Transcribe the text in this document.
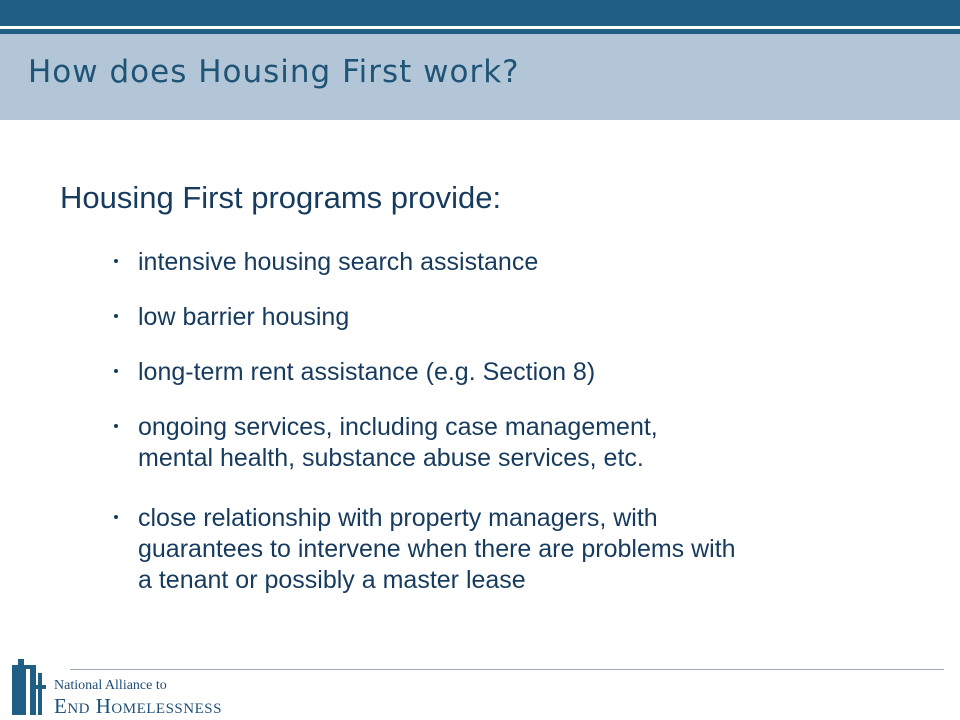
How does Housing First work?
Housing First programs provide:
intensive housing search assistance
low barrier housing
long-term rent assistance (e.g. Section 8)
ongoing services, including case management,
mental health, substance abuse services, etc.
close relationship with property managers, with
guarantees to intervene when there are problems with
a tenant or possibly a master lease
National Alliance to
End Homelessness
